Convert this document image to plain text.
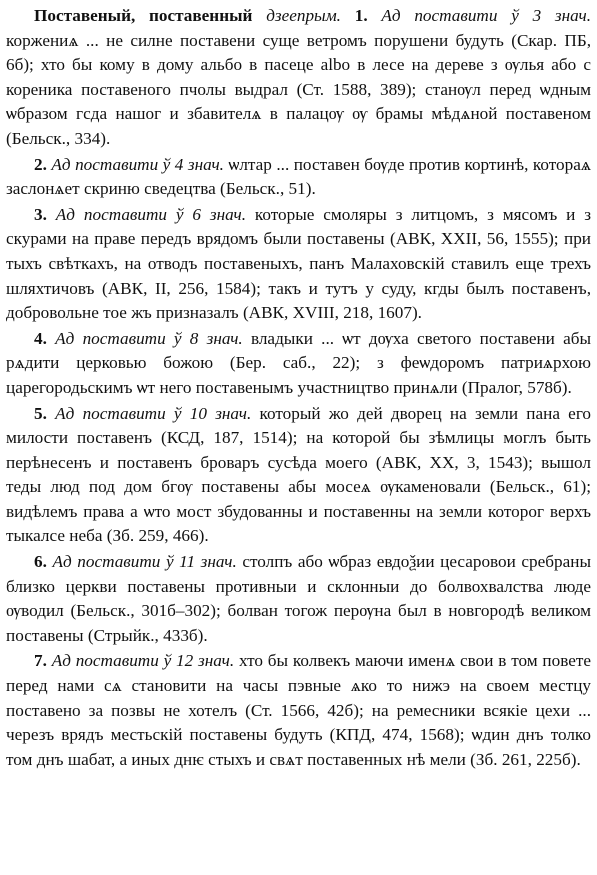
Поставеный, поставенный дзеепрым. 1. Ад поставити ў 3 знач. коржениѧ ... не силне поставени суще ветромъ порушени будуть (Скар. ПБ, 6б); хто бы кому в дому альбо в пасеце albo в лесе на дереве з ѹлья або с кореника поставеного пчолы выдрал (Ст. 1588, 389); станѹл перед ѡдным ѡбразом гсда нашог и збавителѧ в палацѹ ѹ брамы мѣдѧной поставеном (Бельск., 334).

2. Ад поставити ў 4 знач. ѡлтар ... поставен бѹде против кортинѣ, котораѧ заслонѧет скриню сведецтва (Бельск., 51).

3. Ад поставити ў 6 знач. которые смоляры з литцомъ, з мясомъ и з скурами на праве передъ врядомъ были поставены (АВК, XXII, 56, 1555); при тыхъ свѣткахъ, на отводъ поставеныхъ, панъ Малаховскій ставилъ еще трехъ шляхтичовъ (АВК, II, 256, 1584); такъ и тутъ у суду, кгды былъ поставенъ, добровольне тое жъ призназалъ (АВК, XVIII, 218, 1607).

4. Ад поставити ў 8 знач. владыки ... ѡт дѹха светого поставени абы рѧдити церковью божою (Бер. саб., 22); з феѡдоромъ патриѧрхою царегородьскимъ ѡт него поставенымъ участництво принѧли (Пралог, 578б).

5. Ад поставити ў 10 знач. который жо дей дворец на земли пана его милости поставенъ (КСД, 187, 1514); на которой бы зѣмлицы моглъ быть перѣнесенъ и поставенъ броваръ сусѣда моего (АВК, XX, 3, 1543); вышол теды люд под дом бгѹ поставены абы мосеѧ ѹкаменовали (Бельск., 61); видѣлемъ права а ѡто мост збудованны и поставенны на земли которог верхъ тыкалсе неба (Зб. 259, 466).

6. Ад поставити ў 11 знач. столпъ або ѡбраз евдоѯии цесаровои сребраны близко церкви поставены противныи и склонныи до болвохвалства люде ѹводил (Бельск., 301б–302); болван тогож перѹна был в новгородѣ великом поставены (Стрыйк., 433б).

7. Ад поставити ў 12 знач. хто бы колвекъ маючи именѧ свои в том повете перед нами сѧ становити на часы пэвные ѧко то нижэ на своем местцу поставено за позвы не хотелъ (Ст. 1566, 42б); на ремесники всякіе цехи ... черезъ врядъ местьскій поставены будуть (КПД, 474, 1568); ѡдин днъ толко том днъ шабат, а иных днѥ стыхъ и свѧт поставенных нѣ мели (Зб. 261, 225б).
